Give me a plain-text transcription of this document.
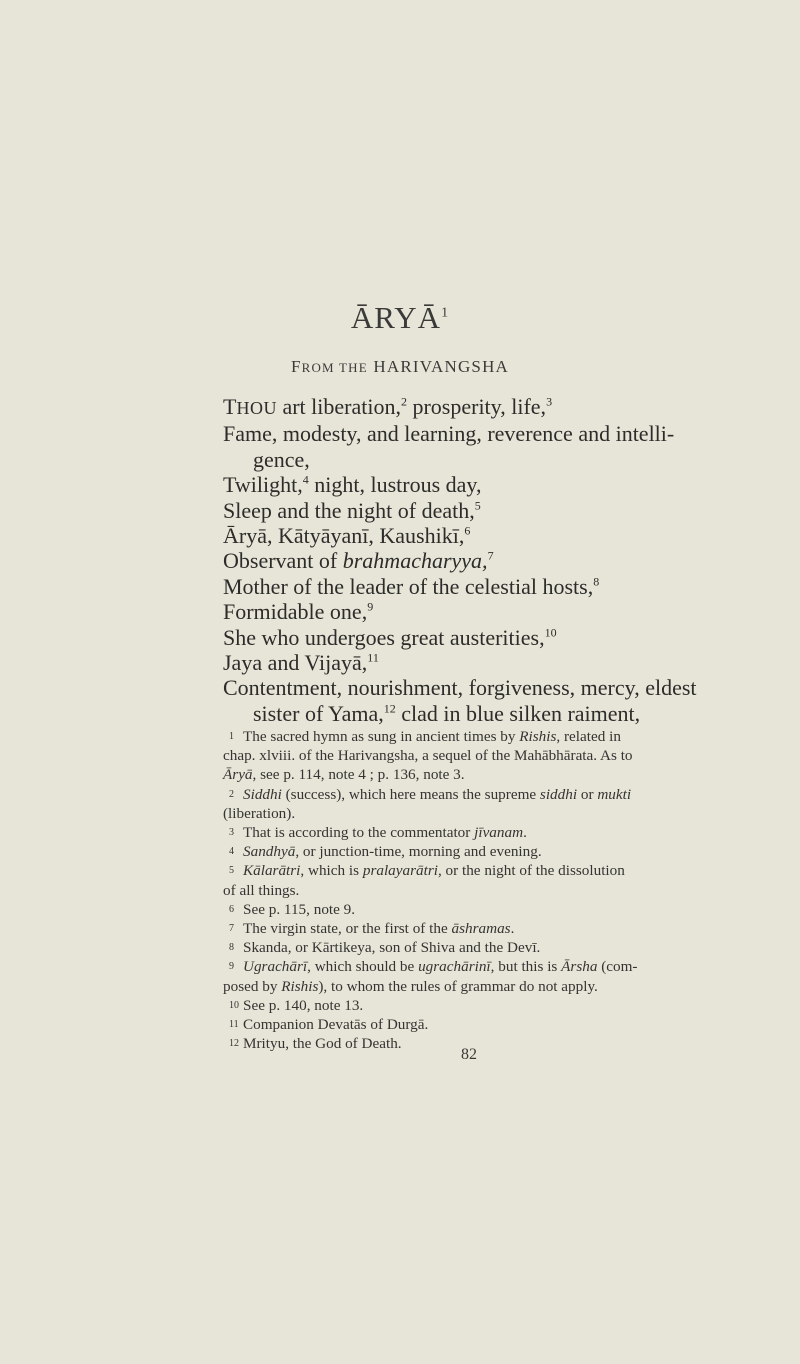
ĀRYĀ$^1$
FROM THE HARIVANGSHA
THOU art liberation,$^2$ prosperity, life,$^3$
Fame, modesty, and learning, reverence and intelli-
gence,
Twilight,$^4$ night, lustrous day,
Sleep and the night of death,$^5$
Āryā, Kātyāyanī, Kaushikī,$^6$
Observant of brahmacharyya,$^7$
Mother of the leader of the celestial hosts,$^8$
Formidable one,$^9$
She who undergoes great austerities,$^{10}$
Jaya and Vijayā,$^{11}$
Contentment, nourishment, forgiveness, mercy, eldest
sister of Yama,$^{12}$ clad in blue silken raiment,
1 The sacred hymn as sung in ancient times by Rishis, related in
chap. xlviii. of the Harivangsha, a sequel of the Mahābhārata. As to
Āryā, see p. 114, note 4 ; p. 136, note 3.
2 Siddhi (success), which here means the supreme siddhi or mukti
(liberation).
3 That is according to the commentator jīvanam.
4 Sandhyā, or junction-time, morning and evening.
5 Kālarātri, which is pralayarātri, or the night of the dissolution
of all things.
6 See p. 115, note 9.
7 The virgin state, or the first of the āshramas.
8 Skanda, or Kārtikeya, son of Shiva and the Devī.
9 Ugrachārī, which should be ugrachārinī, but this is Ārsha (com-
posed by Rishis), to whom the rules of grammar do not apply.
10 See p. 140, note 13.
11 Companion Devatās of Durgā.
12 Mrityu, the God of Death.
82
